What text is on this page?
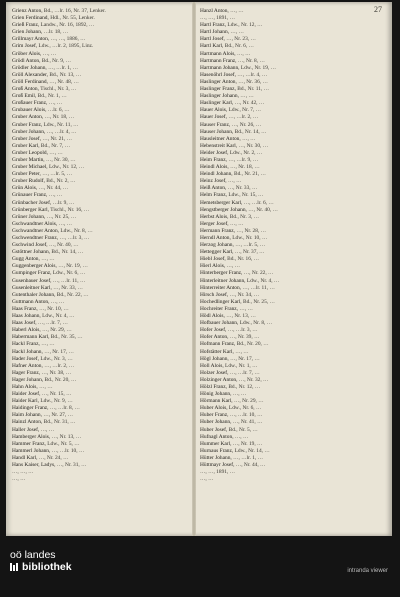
27
Grienz Anton, Bd., …lr. 16, Nr. 37, Lenker.
Grien Ferdinand, Hdl., Nr. 55, Lenker.
Grieß Franz, Landw., Nr. 16, 1892, …
Grien Johann, …lr. 18, …
Grillmayr Anton, …, …, 1886, …
Grim Josef, Ldw., …lr. 2, 1895, Linz.
Gröber Alois, …, …
Grödl Anton, Bd., Nr. 9, …
Grödler Johann, …, …lr. 1, …
Gröll Alexander, Bd., Nr. 13, …
Gröll Ferdinand, …, Nr. 48, …
Groß Anton, Tischl., Nr. 3, …
Groß Emil, Bd., Nr. 1, …
Großauer Franz, …, …
Grubauer Alois, …lr. 6, …
Gruber Anton, …, Nr. 18, …
Gruber Franz, Ldw., Nr. 11, …
Gruber Johann, …, …lr. 4, …
Gruber Josef, …, Nr. 21, …
Gruber Karl, Bd., Nr. 7, …
Gruber Leopold, …, …
Gruber Martin, …, Nr. 30, …
Gruber Michael, Ldw., Nr. 12, …
Gruber Peter, …, …lr. 5, …
Gruber Rudolf, Bd., Nr. 2, …
Grün Alois, …, Nr. 44, …
Grünauer Franz, …, …
Grünbacher Josef, …lr. 9, …
Grünberger Karl, Tischl., Nr. 16, …
Grüner Johann, …, Nr. 25, …
Gschwandtner Alois, …, …
Gschwandtner Anton, Ldw., Nr. 8, …
Gschwendtner Franz, …, …lr. 3, …
Gschwind Josef, …, Nr. 40, …
Gstöttner Johann, Bd., Nr. 14, …
Gugg Anton, …, …
Guggenberger Alois, …, Nr. 19, …
Gumpinger Franz, Ldw., Nr. 6, …
Gusenbauer Josef, …, …lr. 11, …
Gusenleitner Karl, …, Nr. 33, …
Gutenthaler Johann, Bd., Nr. 22, …
Guttmann Anton, …, …
Haas Franz, …, Nr. 10, …
Haas Johann, Ldw., Nr. 4, …
Haas Josef, …, …lr. 7, …
Haberl Alois, …, Nr. 29, …
Habermann Karl, Bd., Nr. 35, …
Hackl Franz, …, …
Hackl Johann, …, Nr. 17, …
Hader Josef, Ldw., Nr. 3, …
Hafner Anton, …, …lr. 2, …
Hager Franz, …, Nr. 38, …
Hager Johann, Bd., Nr. 20, …
Hahn Alois, …, …
Haider Josef, …, Nr. 15, …
Haider Karl, Ldw., Nr. 9, …
Haidinger Franz, …, …lr. 8, …
Haim Johann, …, Nr. 27, …
Hainzl Anton, Bd., Nr. 31, …
Haller Josef, …, …
Hamberger Alois, …, Nr. 13, …
Hammer Franz, Ldw., Nr. 5, …
Hammerl Johann, …, …lr. 10, …
Handl Karl, …, Nr. 24, …
Hans Kaiser, Ladys, …, Nr. 31, …
…, …, …
…, …
Hanzl Anton, …, …
…, …, 1891, …
Hartl Franz, Ldw., Nr. 12, …
Hartl Johann, …, …
Hartl Josef, …, Nr. 23, …
Hartl Karl, Bd., Nr. 6, …
Hartmann Alois, …, …
Hartmann Franz, …, Nr. 8, …
Hartmann Johann, Ldw., Nr. 19, …
Hasenöhrl Josef, …, …lr. 4, …
Haslinger Anton, …, Nr. 36, …
Haslinger Franz, Bd., Nr. 11, …
Haslinger Johann, …, …
Haslinger Karl, …, Nr. 42, …
Hauer Alois, Ldw., Nr. 7, …
Hauer Josef, …, …lr. 2, …
Hauser Franz, …, Nr. 26, …
Hauser Johann, Bd., Nr. 14, …
Hausleitner Anton, …, …
Hebenstreit Karl, …, Nr. 30, …
Heider Josef, Ldw., Nr. 2, …
Heim Franz, …, …lr. 9, …
Heindl Alois, …, Nr. 18, …
Heindl Johann, Bd., Nr. 21, …
Heinz Josef, …, …
Heiß Anton, …, Nr. 33, …
Helm Franz, Ldw., Nr. 15, …
Hemetsberger Karl, …, …lr. 6, …
Hengstberger Johann, …, Nr. 40, …
Herbst Alois, Bd., Nr. 3, …
Herger Josef, …, …
Hermann Franz, …, Nr. 28, …
Herndl Anton, Ldw., Nr. 10, …
Herzog Johann, …, …lr. 5, …
Hettegger Karl, …, Nr. 37, …
Hiebl Josef, Bd., Nr. 16, …
Hierl Alois, …, …
Hinterberger Franz, …, Nr. 22, …
Hinterleitner Johann, Ldw., Nr. 4, …
Hinterreiter Anton, …, …lr. 11, …
Hirsch Josef, …, Nr. 34, …
Hochedlinger Karl, Bd., Nr. 25, …
Hochreiter Franz, …, …
Hödl Alois, …, Nr. 13, …
Hofbauer Johann, Ldw., Nr. 8, …
Hofer Josef, …, …lr. 3, …
Hofer Anton, …, Nr. 39, …
Hofmann Franz, Bd., Nr. 20, …
Hofstätter Karl, …, …
Högl Johann, …, Nr. 17, …
Holl Alois, Ldw., Nr. 1, …
Holzer Josef, …, …lr. 7, …
Holzinger Anton, …, Nr. 32, …
Hölzl Franz, Bd., Nr. 12, …
Hönig Johann, …, …
Hörmann Karl, …, Nr. 29, …
Huber Alois, Ldw., Nr. 6, …
Huber Franz, …, …lr. 10, …
Huber Johann, …, Nr. 41, …
Huber Josef, Bd., Nr. 5, …
Hufnagl Anton, …, …
Hummer Karl, …, Nr. 19, …
Hurnaus Franz, Ldw., Nr. 14, …
Hütter Johann, …, …lr. 1, …
Hüttmayr Josef, …, Nr. 44, …
…, …, 1891, …
…, …
oö landes
bibliothek	intranda viewer
